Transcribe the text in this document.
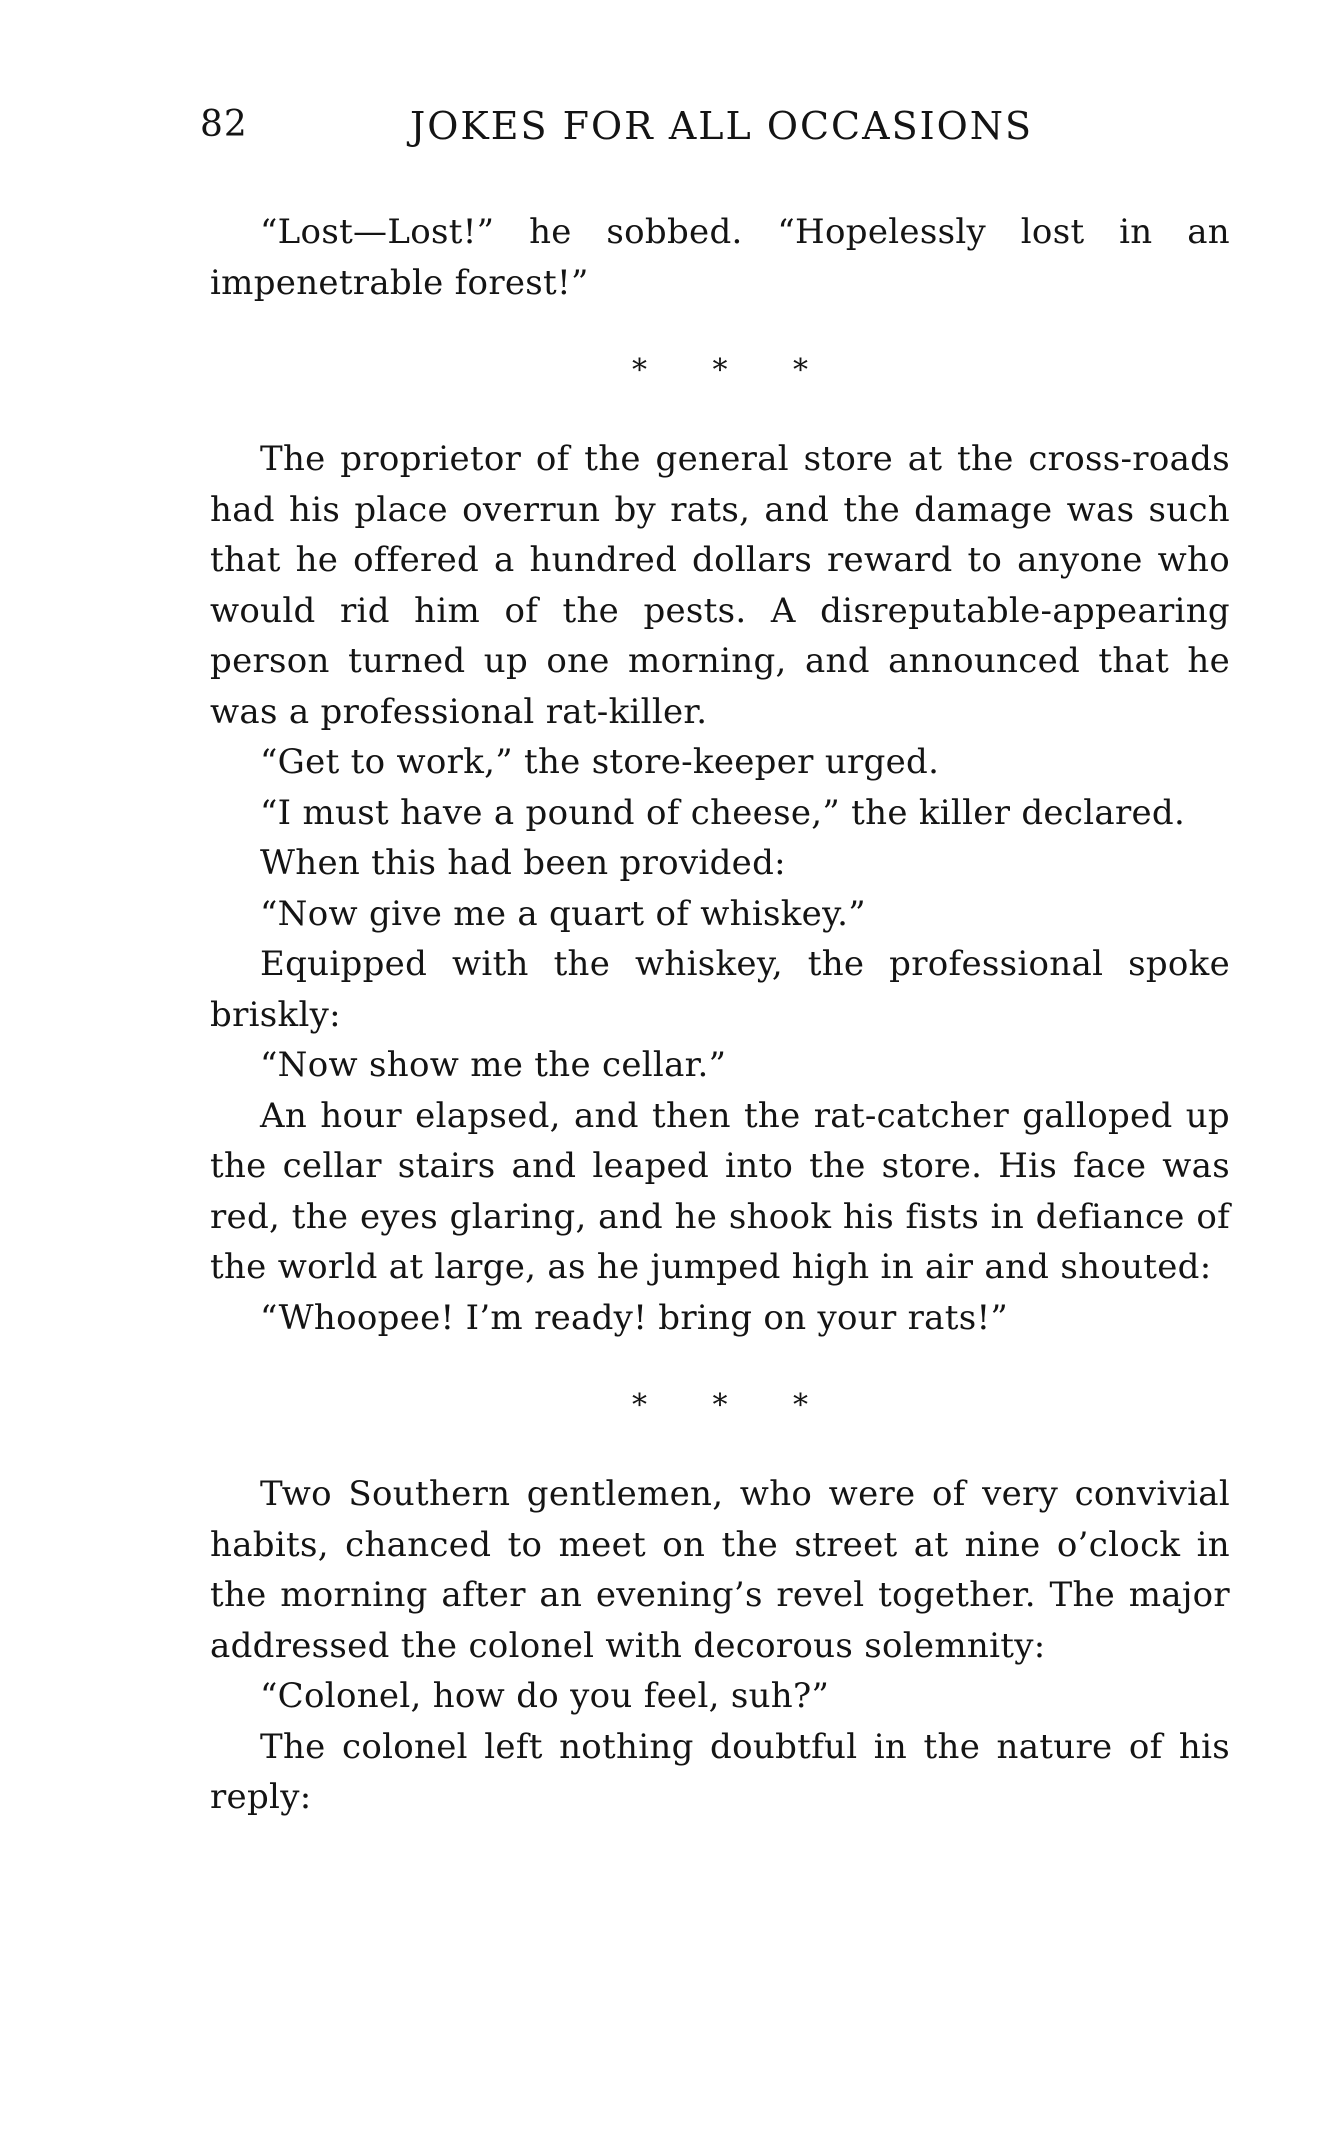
82	JOKES FOR ALL OCCASIONS

“Lost—Lost!” he sobbed. “Hopelessly lost in an impenetrable forest!”

* * *

The proprietor of the general store at the cross-roads had his place overrun by rats, and the damage was such that he offered a hundred dollars reward to anyone who would rid him of the pests. A disreputable-appearing person turned up one morning, and announced that he was a professional rat-killer.

“Get to work,” the store-keeper urged.

“I must have a pound of cheese,” the killer declared.

When this had been provided:

“Now give me a quart of whiskey.”

Equipped with the whiskey, the professional spoke briskly:

“Now show me the cellar.”

An hour elapsed, and then the rat-catcher galloped up the cellar stairs and leaped into the store. His face was red, the eyes glaring, and he shook his fists in defiance of the world at large, as he jumped high in air and shouted:

“Whoopee! I’m ready! bring on your rats!”

* * *

Two Southern gentlemen, who were of very convivial habits, chanced to meet on the street at nine o’clock in the morning after an evening’s revel together. The major addressed the colonel with decorous solemnity:

“Colonel, how do you feel, suh?”

The colonel left nothing doubtful in the nature of his reply:
